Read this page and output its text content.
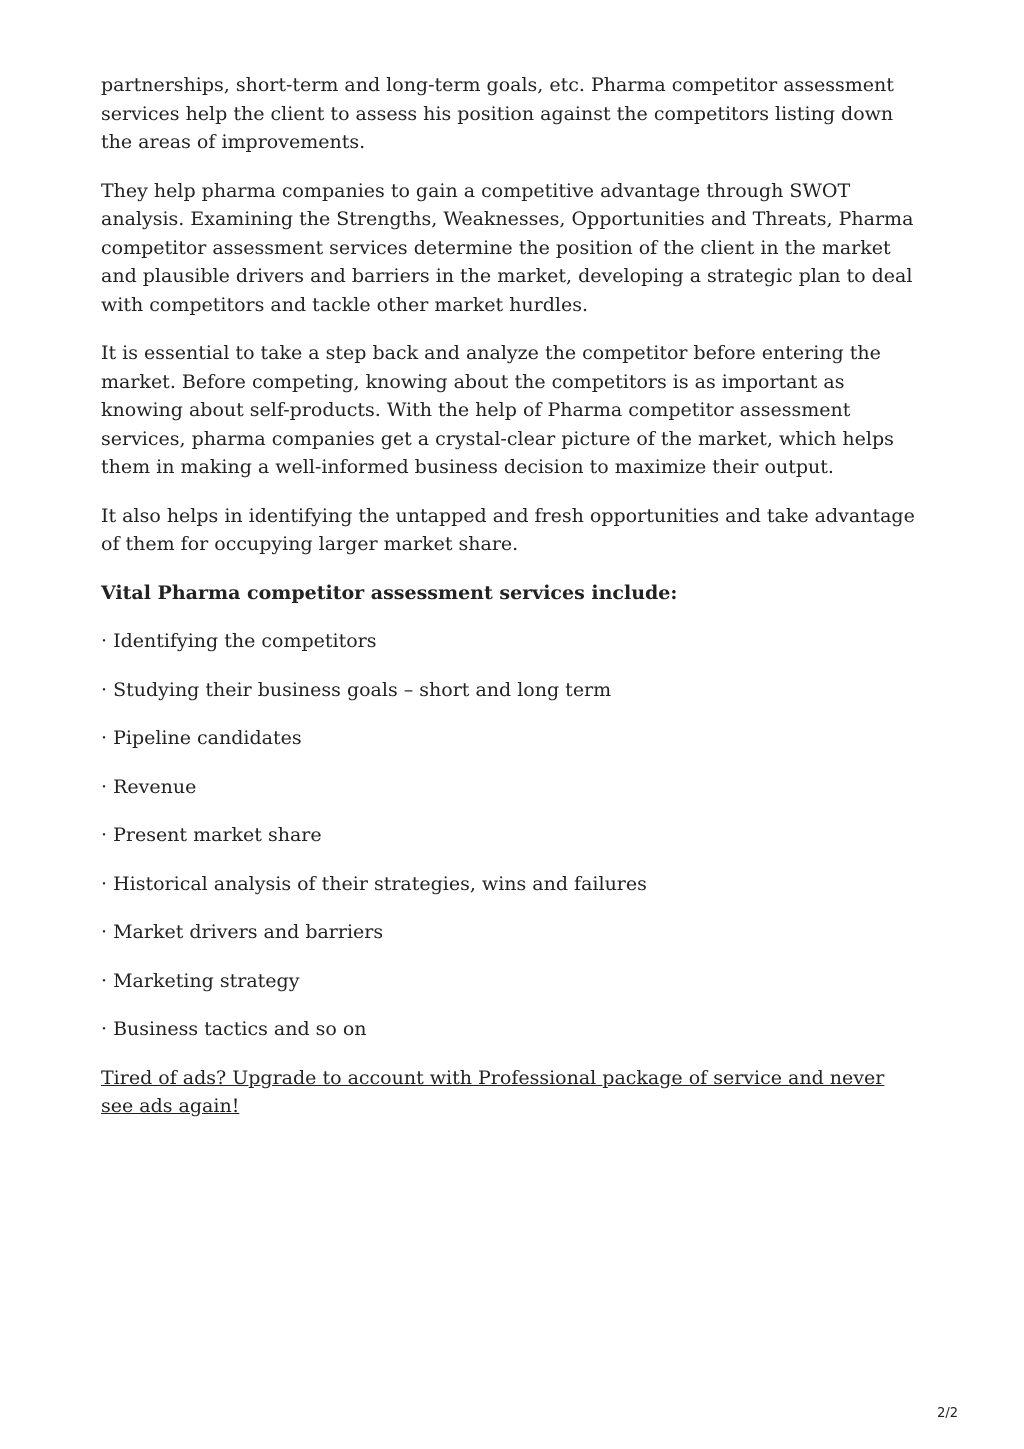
partnerships, short-term and long-term goals, etc. Pharma competitor assessment services help the client to assess his position against the competitors listing down the areas of improvements.

They help pharma companies to gain a competitive advantage through SWOT analysis. Examining the Strengths, Weaknesses, Opportunities and Threats, Pharma competitor assessment services determine the position of the client in the market and plausible drivers and barriers in the market, developing a strategic plan to deal with competitors and tackle other market hurdles.

It is essential to take a step back and analyze the competitor before entering the market. Before competing, knowing about the competitors is as important as knowing about self-products. With the help of Pharma competitor assessment services, pharma companies get a crystal-clear picture of the market, which helps them in making a well-informed business decision to maximize their output.

It also helps in identifying the untapped and fresh opportunities and take advantage of them for occupying larger market share.

Vital Pharma competitor assessment services include:

· Identifying the competitors

· Studying their business goals – short and long term

· Pipeline candidates

· Revenue

· Present market share

· Historical analysis of their strategies, wins and failures

· Market drivers and barriers

· Marketing strategy

· Business tactics and so on

Tired of ads? Upgrade to account with Professional package of service and never see ads again!

2/2
